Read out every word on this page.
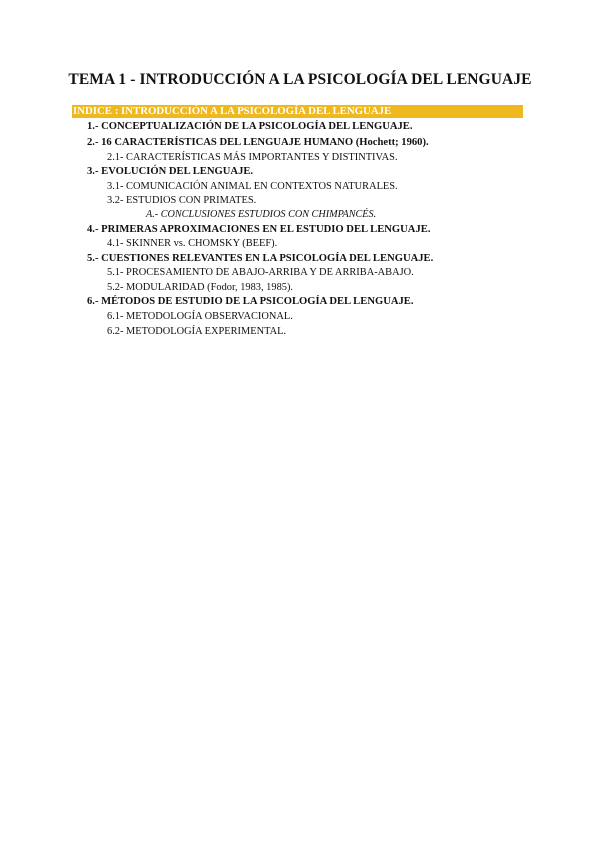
TEMA 1 - INTRODUCCIÓN A LA PSICOLOGÍA DEL LENGUAJE
INDICE : INTRODUCCIÓN A LA PSICOLOGÍA DEL LENGUAJE
1.- CONCEPTUALIZACIÓN DE LA PSICOLOGÍA DEL LENGUAJE.
2.- 16 CARACTERÍSTICAS DEL LENGUAJE HUMANO (Hochett; 1960).
2.1- CARACTERÍSTICAS MÁS IMPORTANTES Y DISTINTIVAS.
3.- EVOLUCIÓN DEL LENGUAJE.
3.1- COMUNICACIÓN ANIMAL EN CONTEXTOS NATURALES.
3.2- ESTUDIOS CON PRIMATES.
A.- CONCLUSIONES ESTUDIOS CON CHIMPANCÉS.
4.- PRIMERAS APROXIMACIONES EN EL ESTUDIO DEL LENGUAJE.
4.1- SKINNER vs. CHOMSKY (BEEF).
5.- CUESTIONES RELEVANTES EN LA PSICOLOGÍA DEL LENGUAJE.
5.1- PROCESAMIENTO DE ABAJO-ARRIBA Y DE ARRIBA-ABAJO.
5.2- MODULARIDAD (Fodor, 1983, 1985).
6.- MÉTODOS DE ESTUDIO DE LA PSICOLOGÍA DEL LENGUAJE.
6.1- METODOLOGÍA OBSERVACIONAL.
6.2- METODOLOGÍA EXPERIMENTAL.
